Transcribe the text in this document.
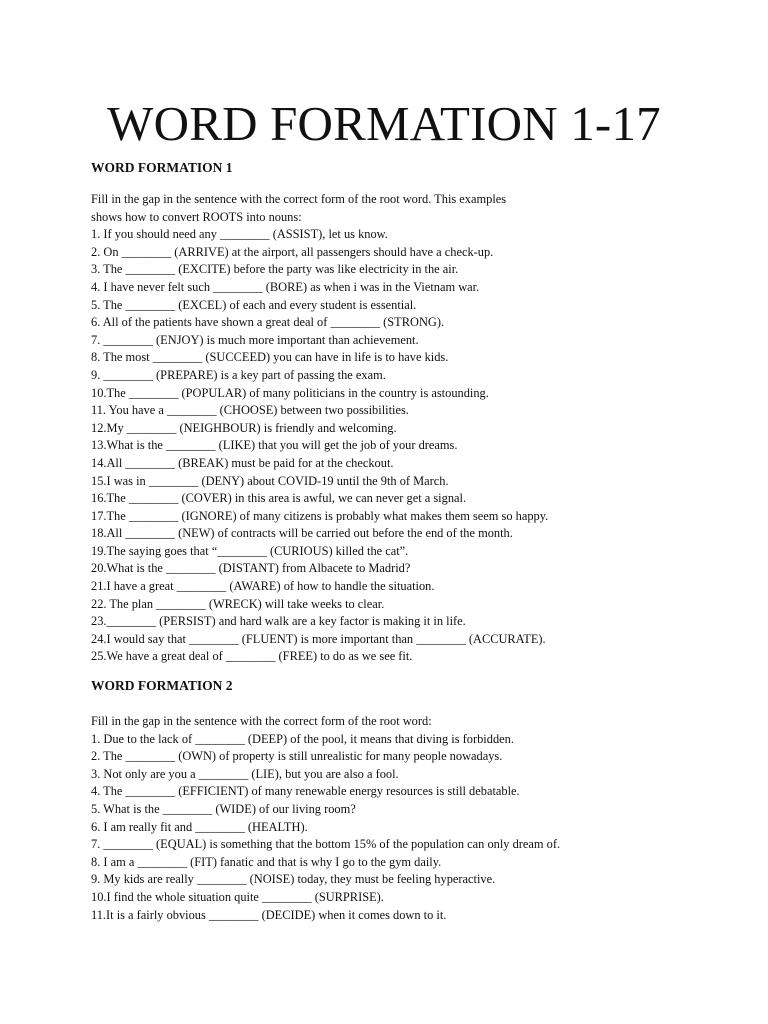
WORD FORMATION 1-17
WORD FORMATION 1
Fill in the gap in the sentence with the correct form of the root word. This examples
shows how to convert ROOTS into nouns:
1. If you should need any ________ (ASSIST), let us know.
2. On ________ (ARRIVE) at the airport, all passengers should have a check-up.
3. The ________ (EXCITE) before the party was like electricity in the air.
4. I have never felt such ________ (BORE) as when i was in the Vietnam war.
5. The ________ (EXCEL) of each and every student is essential.
6. All of the patients have shown a great deal of ________ (STRONG).
7. ________ (ENJOY) is much more important than achievement.
8. The most ________ (SUCCEED) you can have in life is to have kids.
9. ________ (PREPARE) is a key part of passing the exam.
10.The ________ (POPULAR) of many politicians in the country is astounding.
11. You have a ________ (CHOOSE) between two possibilities.
12.My ________ (NEIGHBOUR) is friendly and welcoming.
13.What is the ________ (LIKE) that you will get the job of your dreams.
14.All ________ (BREAK) must be paid for at the checkout.
15.I was in ________ (DENY) about COVID-19 until the 9th of March.
16.The ________ (COVER) in this area is awful, we can never get a signal.
17.The ________ (IGNORE) of many citizens is probably what makes them seem so happy.
18.All ________ (NEW) of contracts will be carried out before the end of the month.
19.The saying goes that “________ (CURIOUS) killed the cat”.
20.What is the ________ (DISTANT) from Albacete to Madrid?
21.I have a great ________ (AWARE) of how to handle the situation.
22. The plan ________ (WRECK) will take weeks to clear.
23.________ (PERSIST) and hard walk are a key factor is making it in life.
24.I would say that ________ (FLUENT) is more important than ________ (ACCURATE).
25.We have a great deal of ________ (FREE) to do as we see fit.
WORD FORMATION 2
Fill in the gap in the sentence with the correct form of the root word:
1. Due to the lack of ________ (DEEP) of the pool, it means that diving is forbidden.
2. The ________ (OWN) of property is still unrealistic for many people nowadays.
3. Not only are you a ________ (LIE), but you are also a fool.
4. The ________ (EFFICIENT) of many renewable energy resources is still debatable.
5. What is the ________ (WIDE) of our living room?
6. I am really fit and ________ (HEALTH).
7. ________ (EQUAL) is something that the bottom 15% of the population can only dream of.
8. I am a ________ (FIT) fanatic and that is why I go to the gym daily.
9. My kids are really ________ (NOISE) today, they must be feeling hyperactive.
10.I find the whole situation quite ________ (SURPRISE).
11.It is a fairly obvious ________ (DECIDE) when it comes down to it.
